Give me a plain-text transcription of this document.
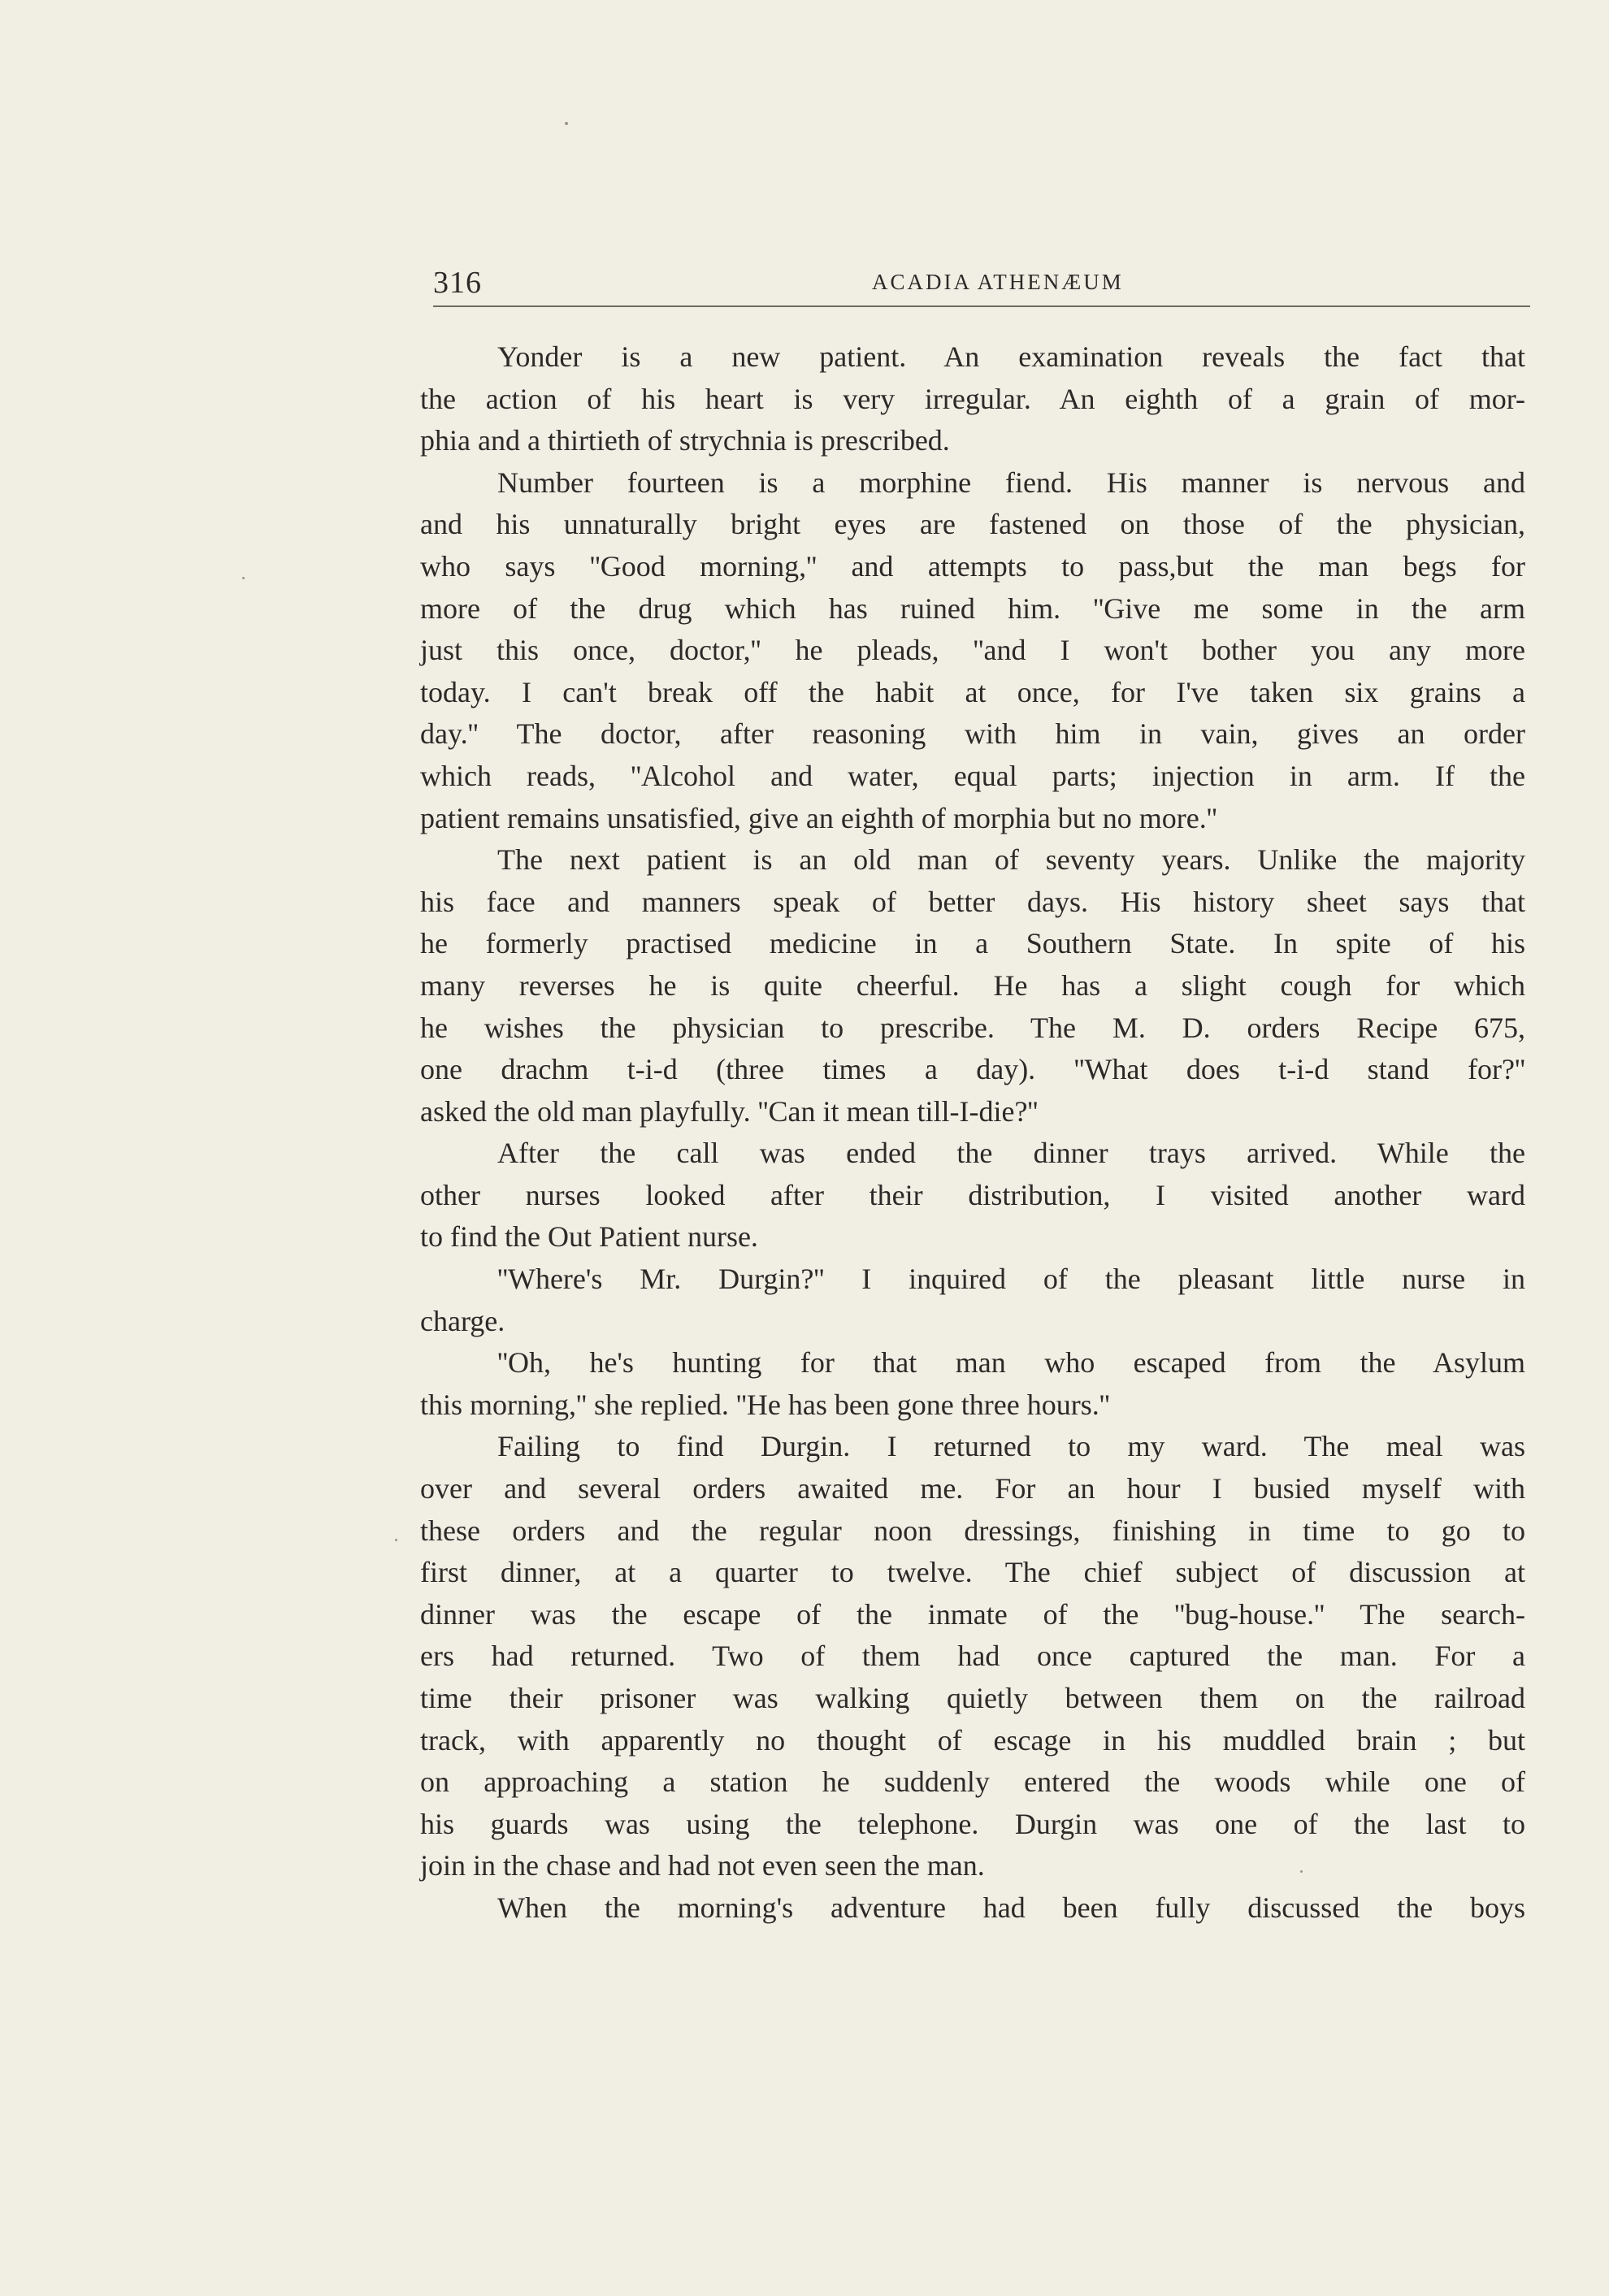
316	ACADIA ATHENÆUM
Yonder is a new patient. An examination reveals the fact that
the action of his heart is very irregular. An eighth of a grain of mor-
phia and a thirtieth of strychnia is prescribed.
Number fourteen is a morphine fiend. His manner is nervous and
and his unnaturally bright eyes are fastened on those of the physician,
who says ''Good morning,'' and attempts to pass,but the man begs for
more of the drug which has ruined him. ''Give me some in the arm
just this once, doctor,'' he pleads, ''and I won't bother you any more
today. I can't break off the habit at once, for I've taken six grains a
day.'' The doctor, after reasoning with him in vain, gives an order
which reads, ''Alcohol and water, equal parts; injection in arm. If the
patient remains unsatisfied, give an eighth of morphia but no more.''
The next patient is an old man of seventy years. Unlike the majority
his face and manners speak of better days. His history sheet says that
he formerly practised medicine in a Southern State. In spite of his
many reverses he is quite cheerful. He has a slight cough for which
he wishes the physician to prescribe. The M. D. orders Recipe 675,
one drachm t-i-d (three times a day). ''What does t-i-d stand for?''
asked the old man playfully. ''Can it mean till-I-die?''
After the call was ended the dinner trays arrived. While the
other nurses looked after their distribution, I visited another ward
to find the Out Patient nurse.
''Where's Mr. Durgin?'' I inquired of the pleasant little nurse in
charge.
''Oh, he's hunting for that man who escaped from the Asylum
this morning,'' she replied. ''He has been gone three hours.''
Failing to find Durgin. I returned to my ward. The meal was
over and several orders awaited me. For an hour I busied myself with
these orders and the regular noon dressings, finishing in time to go to
first dinner, at a quarter to twelve. The chief subject of discussion at
dinner was the escape of the inmate of the ''bug-house.'' The search-
ers had returned. Two of them had once captured the man. For a
time their prisoner was walking quietly between them on the railroad
track, with apparently no thought of escage in his muddled brain ; but
on approaching a station he suddenly entered the woods while one of
his guards was using the telephone. Durgin was one of the last to
join in the chase and had not even seen the man.
When the morning's adventure had been fully discussed the boys
